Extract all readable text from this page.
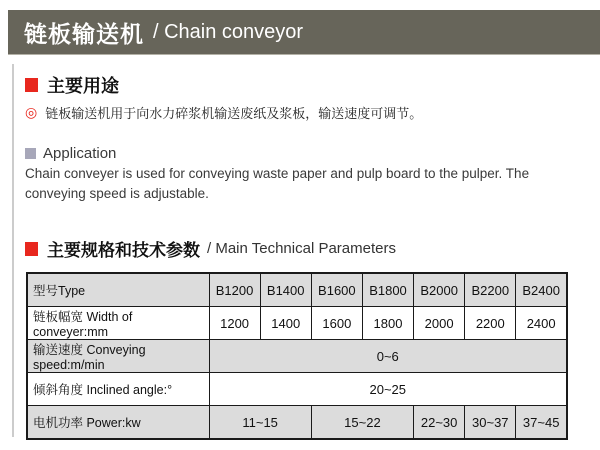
链板输送机 / Chain conveyor
主要用途
◎ 链板输送机用于向水力碎浆机输送废纸及浆板，输送速度可调节。
Application
Chain conveyer is used for conveying waste paper and pulp board to the pulper. The
conveying speed is adjustable.
主要规格和技术参数 / Main Technical Parameters
型号Type	B1200	B1400	B1600	B1800	B2000	B2200	B2400
链板幅宽 Width of conveyer:mm	1200	1400	1600	1800	2000	2200	2400
输送速度 Conveying  speed:m/min	0~6						
倾斜角度 Inclined angle:°	20~25						
电机功率 Power:kw	11~15		15~22		22~30	30~37	37~45
